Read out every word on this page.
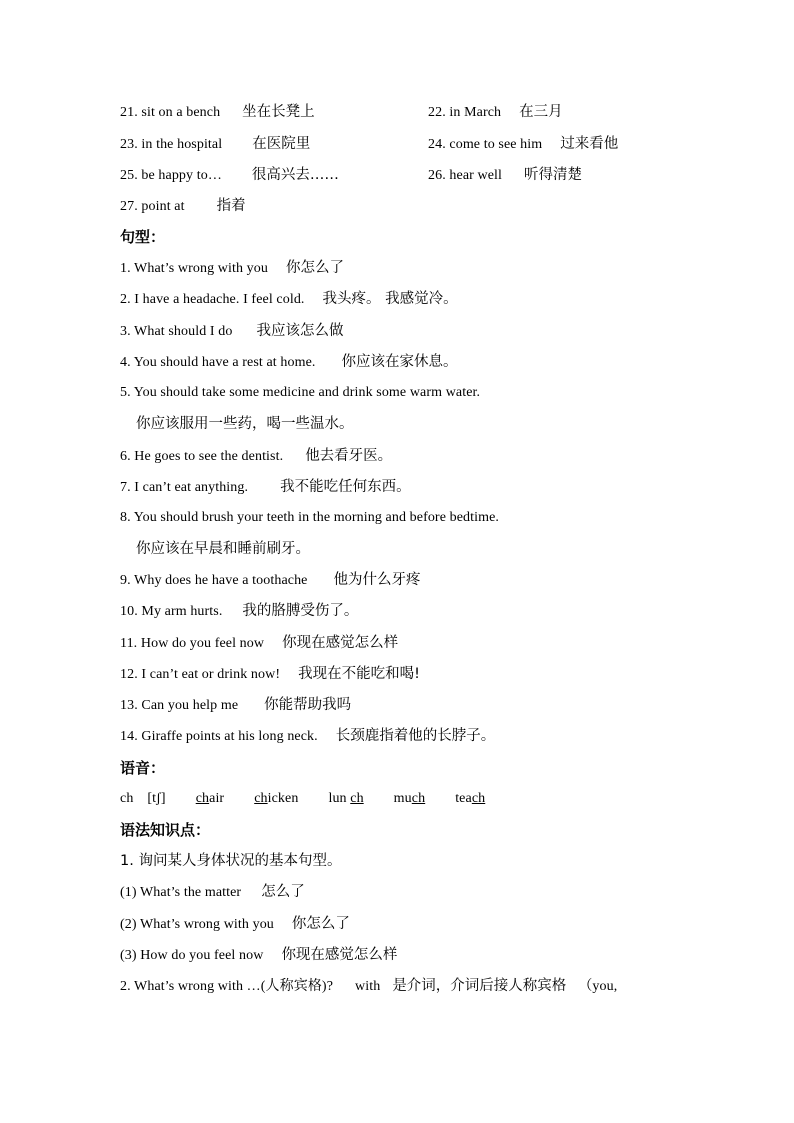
21. sit on a bench 坐在长凳上	22. in March 在三月
23. in the hospital 在医院里	24. come to see him 过来看他
25. be happy to… 很高兴去……	26. hear well 听得清楚
27. point at 指着
句型：
1. What’s wrong with you 你怎么了
2. I have a headache. I feel cold. 我头疼。 我感觉冷。
3. What should I do 我应该怎么做
4. You should have a rest at home. 你应该在家休息。
5. You should take some medicine and drink some warm water.
你应该服用一些药，喝一些温水。
6. He goes to see the dentist. 他去看牙医。
7. I can’t eat anything. 我不能吃任何东西。
8. You should brush your teeth in the morning and before bedtime.
你应该在早晨和睡前刷牙。
9. Why does he have a toothache 他为什么牙疼
10. My arm hurts. 我的胳膊受伤了。
11. How do you feel now 你现在感觉怎么样
12. I can’t eat or drink now! 我现在不能吃和喝!
13. Can you help me 你能帮助我吗
14. Giraffe points at his long neck. 长颈鹿指着他的长脖子。
语音：
ch [tʃ] chair chicken lun ch much teach
语法知识点：
1. 询问某人身体状况的基本句型。
(1) What’s the matter 怎么了
(2) What’s wrong with you 你怎么了
(3) How do you feel now 你现在感觉怎么样
2. What’s wrong with …(人称宾格)? with 是介词，介词后接人称宾格 （you,
